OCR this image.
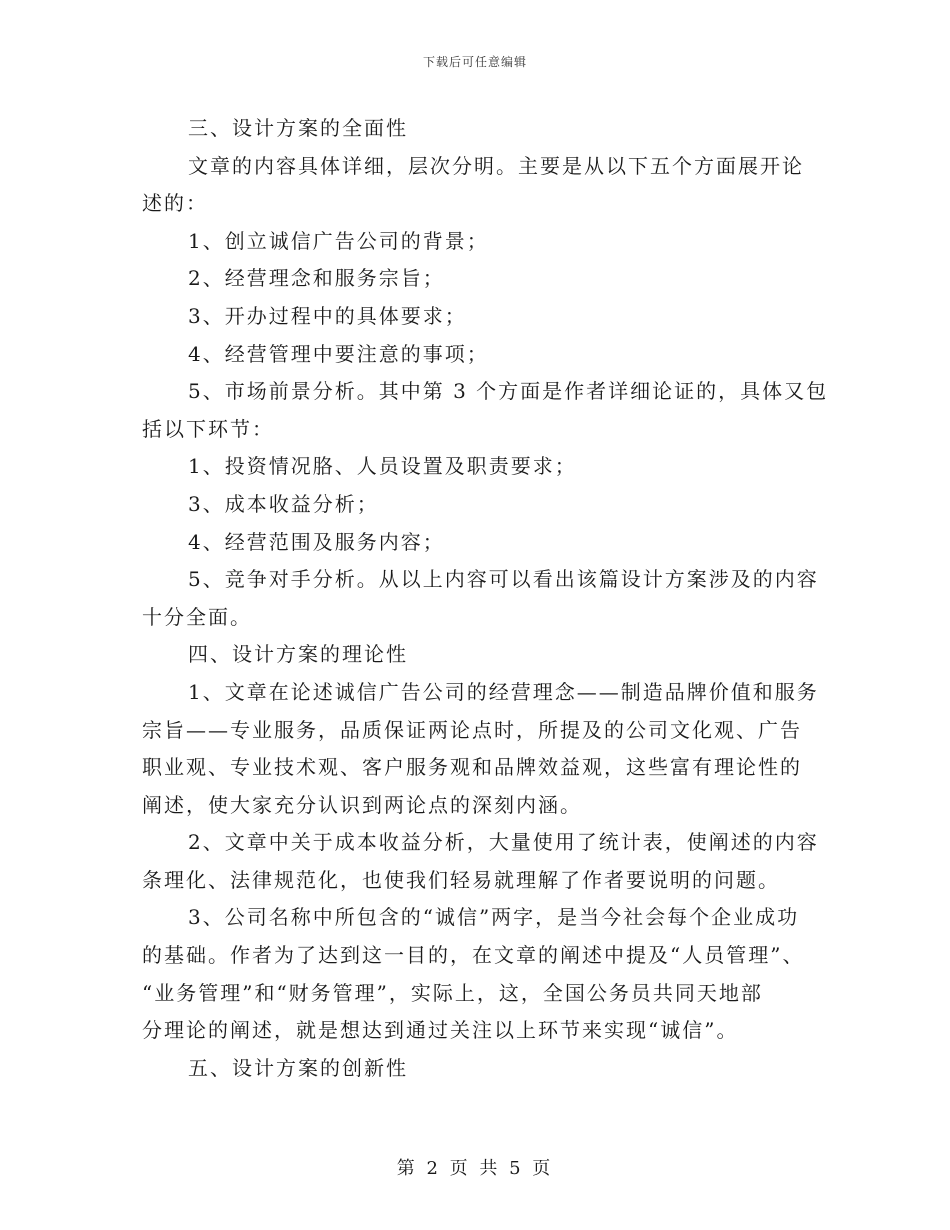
下载后可任意编辑
三、设计方案的全面性
文章的内容具体详细，层次分明。主要是从以下五个方面展开论
述的：
1、创立诚信广告公司的背景；
2、经营理念和服务宗旨；
3、开办过程中的具体要求；
4、经营管理中要注意的事项；
5、市场前景分析。其中第 3 个方面是作者详细论证的，具体又包
括以下环节：
1、投资情况胳、人员设置及职责要求；
3、成本收益分析；
4、经营范围及服务内容；
5、竞争对手分析。从以上内容可以看出该篇设计方案涉及的内容
十分全面。
四、设计方案的理论性
1、文章在论述诚信广告公司的经营理念——制造品牌价值和服务
宗旨——专业服务，品质保证两论点时，所提及的公司文化观、广告
职业观、专业技术观、客户服务观和品牌效益观，这些富有理论性的
阐述，使大家充分认识到两论点的深刻内涵。
2、文章中关于成本收益分析，大量使用了统计表，使阐述的内容
条理化、法律规范化，也使我们轻易就理解了作者要说明的问题。
3、公司名称中所包含的“诚信”两字，是当今社会每个企业成功
的基础。作者为了达到这一目的，在文章的阐述中提及“人员管理”、
“业务管理”和“财务管理”，实际上，这，全国公务员共同天地部
分理论的阐述，就是想达到通过关注以上环节来实现“诚信”。
五、设计方案的创新性
第 2 页 共 5 页
